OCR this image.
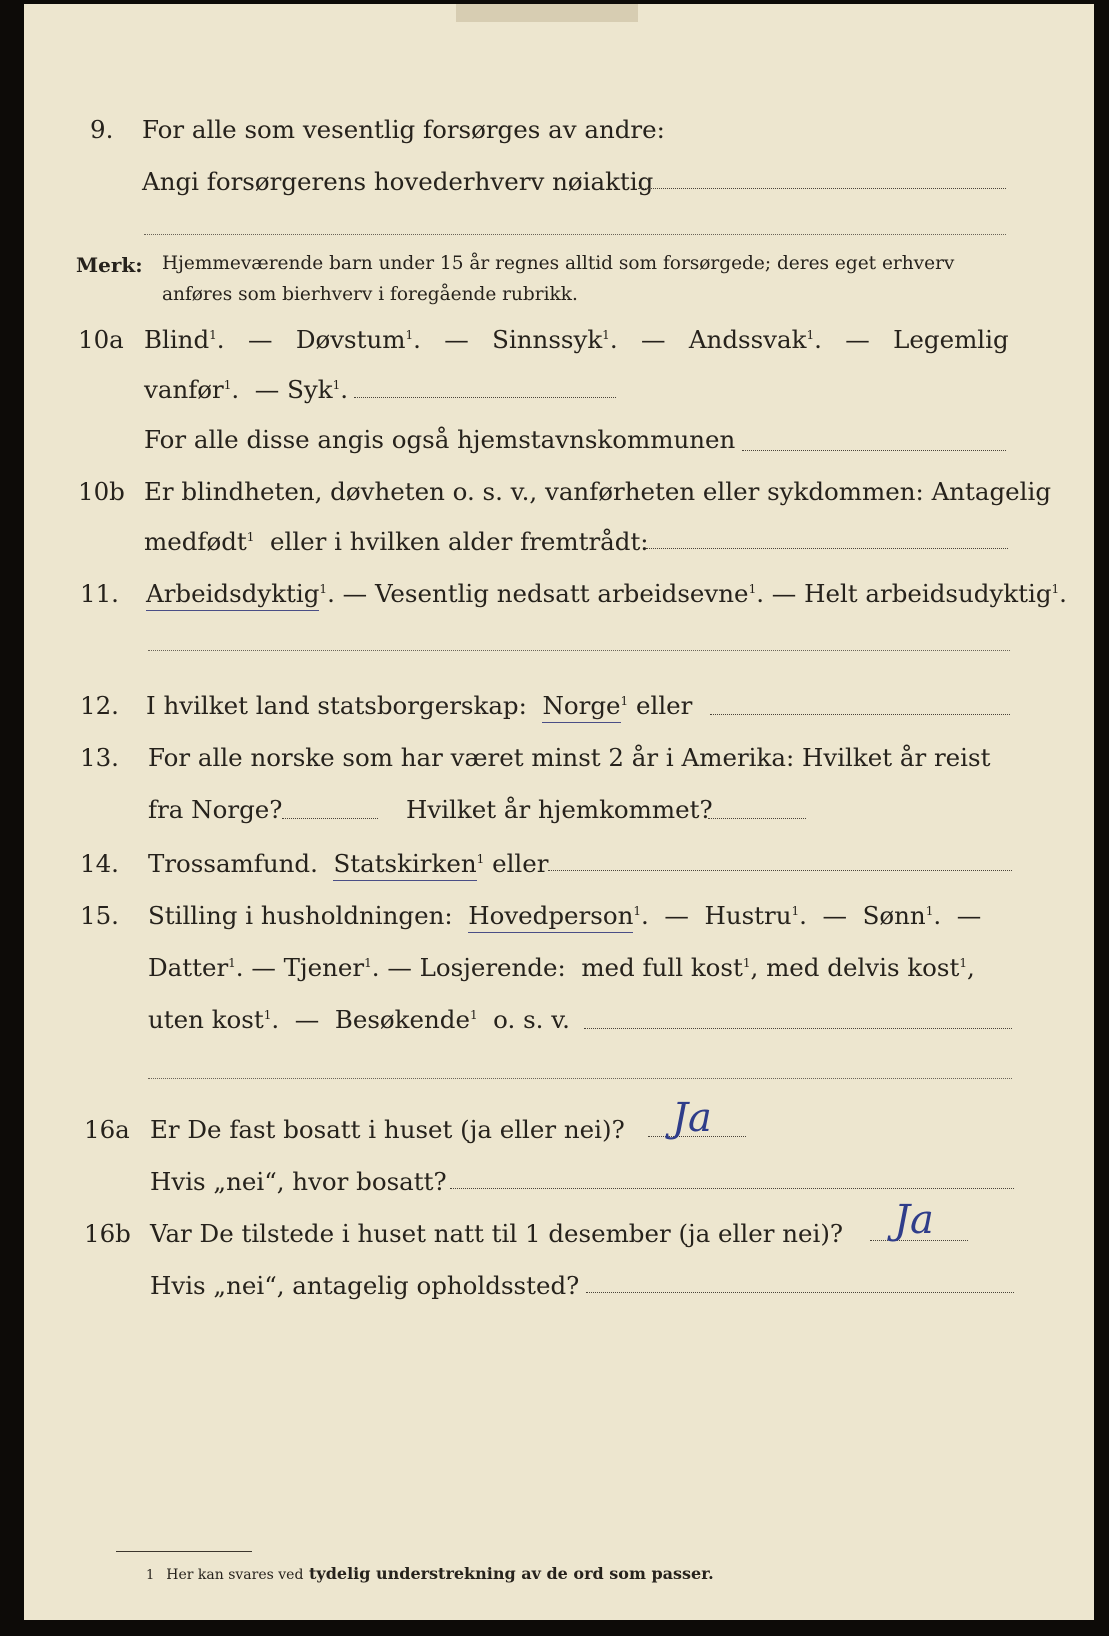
9. For alle som vesentlig forsørges av andre:
Angi forsørgerens hovederhverv nøiaktig
Merk: Hjemmeværende barn under 15 år regnes alltid som forsørgede; deres eget erhverv
anføres som bierhverv i foregående rubrikk.
10a Blind$^1$.   — Døvstum$^1$.   — Sinnssyk$^1$.   — Andssvak$^1$.   — Legemlig
vanfør$^1$.  — Syk$^1$.
For alle disse angis også hjemstavnskommunen
10b Er blindheten, døvheten o. s. v., vanførheten eller sykdommen: Antagelig
medfødt$^1$ eller i hvilken alder fremtrådt:
11. Arbeidsdyktig$^1$. — Vesentlig nedsatt arbeidsevne$^1$. — Helt arbeidsudyktig$^1$.
12. I hvilket land statsborgerskap: Norge$^1$ eller
13. For alle norske som har været minst 2 år i Amerika: Hvilket år reist
fra Norge?	Hvilket år hjemkommet?
14. Trossamfund. Statskirken$^1$ eller
15. Stilling i husholdningen: Hovedperson$^1$.  — Hustru$^1$.  — Sønn$^1$.  —
Datter$^1$. — Tjener$^1$. — Losjerende: med full kost$^1$, med delvis kost$^1$,
uten kost$^1$.  — Besøkende$^1$ o. s. v.
16a Er De fast bosatt i huset (ja eller nei)? Ja
Hvis „nei“, hvor bosatt?
16b Var De tilstede i huset natt til 1 desember (ja eller nei)? Ja
Hvis „nei“, antagelig opholdssted?
1 Her kan svares ved tydelig understrekning av de ord som passer.
